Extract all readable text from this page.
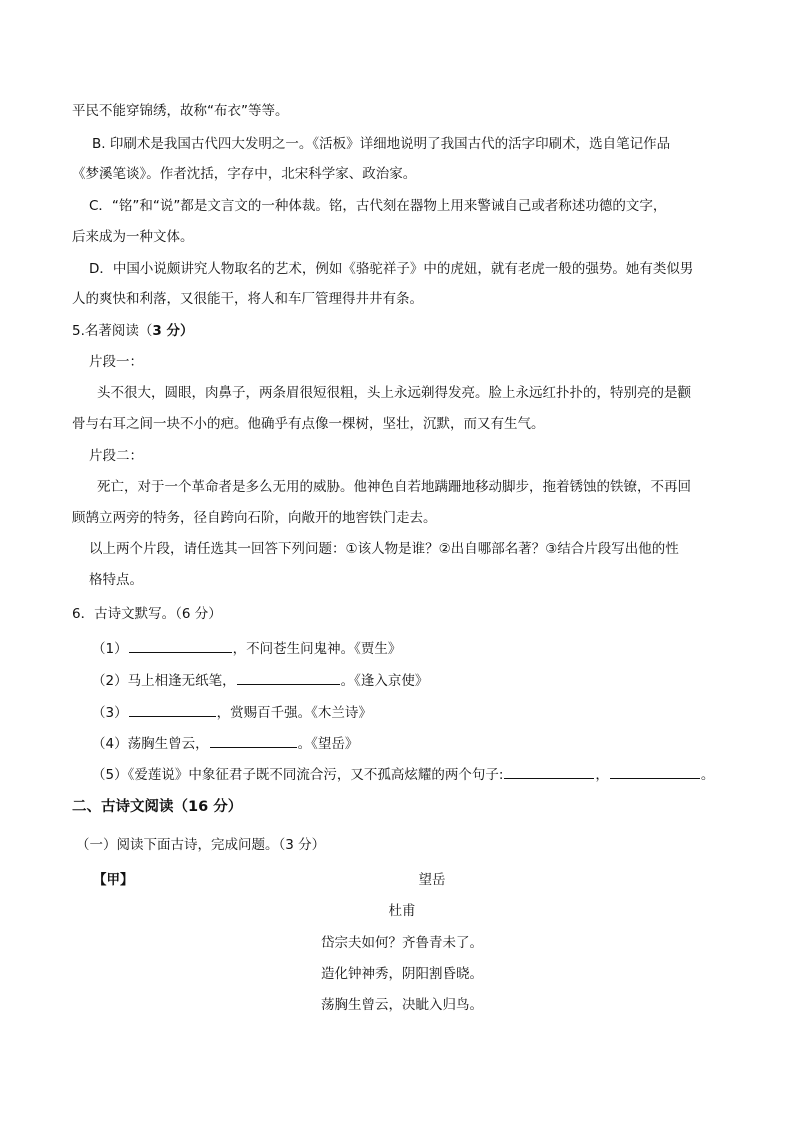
平民不能穿锦绣，故称“布衣”等等。
B. 印刷术是我国古代四大发明之一。《活板》详细地说明了我国古代的活字印刷术，选自笔记作品
《梦溪笔谈》。作者沈括，字存中，北宋科学家、政治家。
C．“铭”和“说”都是文言文的一种体裁。铭，古代刻在器物上用来警诫自己或者称述功德的文字，
后来成为一种文体。
D．中国小说颇讲究人物取名的艺术，例如《骆驼祥子》中的虎妞，就有老虎一般的强势。她有类似男
人的爽快和利落，又很能干，将人和车厂管理得井井有条。
5.名著阅读（3 分）
片段一：
头不很大，圆眼，肉鼻子，两条眉很短很粗，头上永远剃得发亮。脸上永远红扑扑的，特别亮的是颧
骨与右耳之间一块不小的疤。他确乎有点像一棵树，坚壮，沉默，而又有生气。
片段二：
死亡，对于一个革命者是多么无用的威胁。他神色自若地蹒跚地移动脚步，拖着锈蚀的铁镣，不再回
顾鹄立两旁的特务，径自跨向石阶，向敞开的地窖铁门走去。
以上两个片段，请任选其一回答下列问题：①该人物是谁？②出自哪部名著？③结合片段写出他的性
格特点。
6．古诗文默写。（6 分）
（1）	，不问苍生问鬼神。《贾生》
（2）马上相逢无纸笔，	。《逢入京使》
（3）	，赏赐百千强。《木兰诗》
（4）荡胸生曾云，	。《望岳》
（5）《爱莲说》中象征君子既不同流合污，又不孤高炫耀的两个句子:	，	。
二、古诗文阅读（16 分）
（一）阅读下面古诗，完成问题。（3 分）
【甲】	望岳
杜甫
岱宗夫如何？齐鲁青未了。
造化钟神秀，阴阳割昏晓。
荡胸生曾云，决眦入归鸟。
